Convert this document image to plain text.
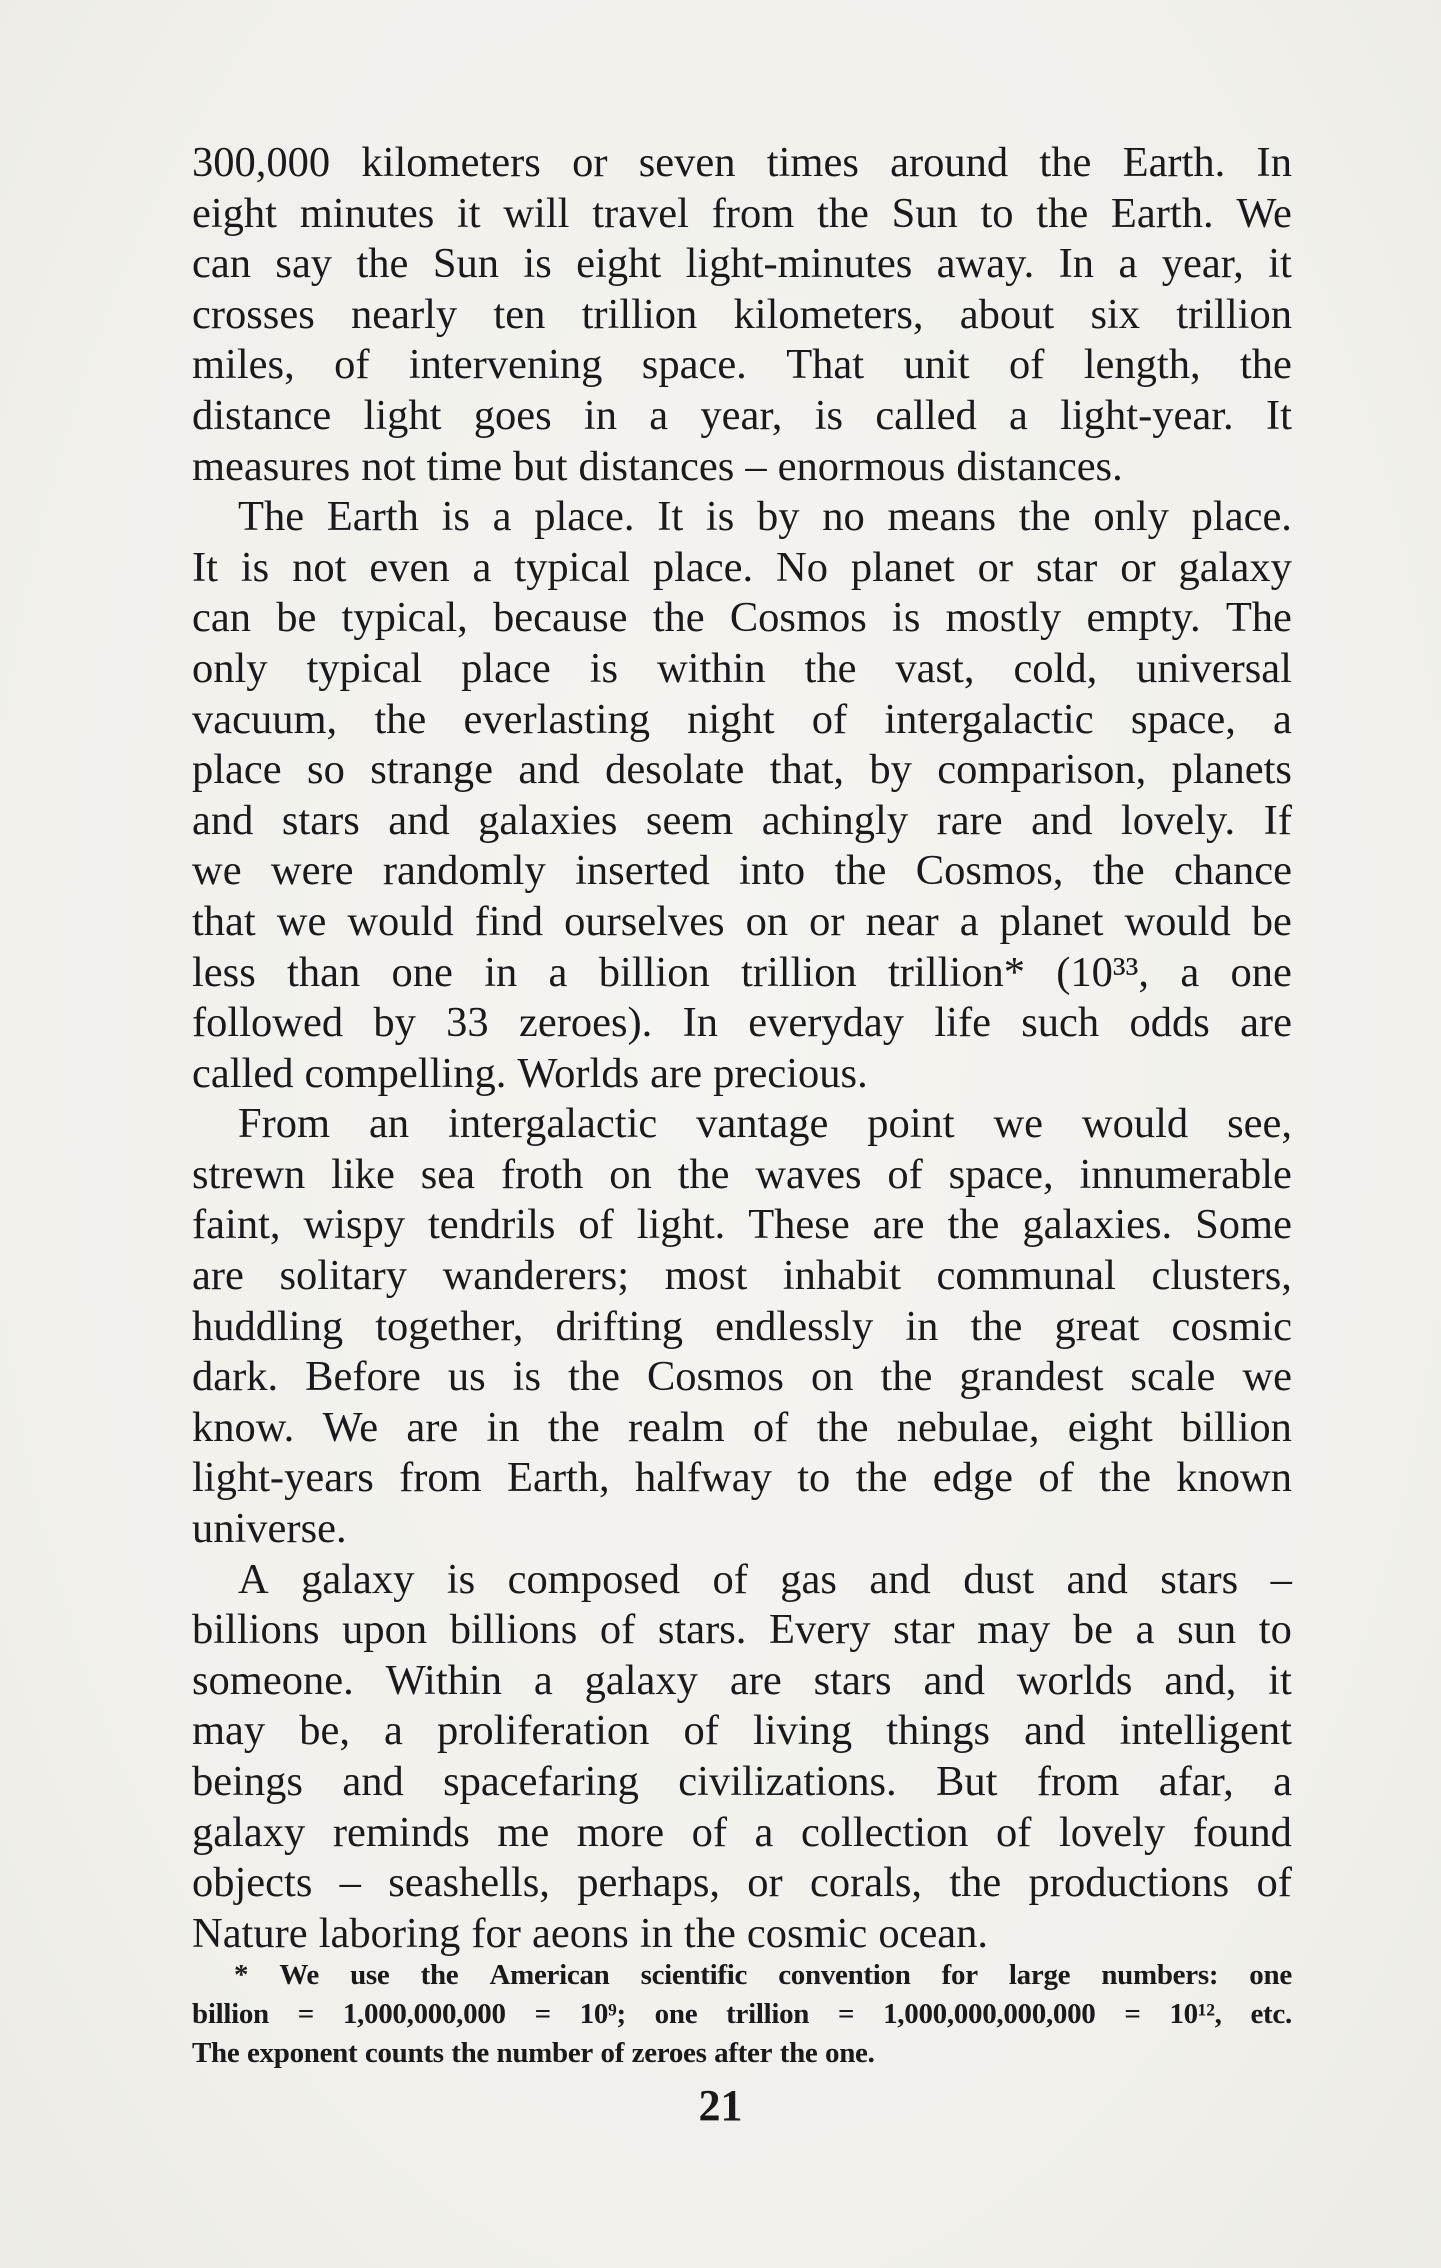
300,000 kilometers or seven times around the Earth. In
eight minutes it will travel from the Sun to the Earth. We
can say the Sun is eight light-minutes away. In a year, it
crosses nearly ten trillion kilometers, about six trillion
miles, of intervening space. That unit of length, the
distance light goes in a year, is called a light-year. It
measures not time but distances – enormous distances.
The Earth is a place. It is by no means the only place.
It is not even a typical place. No planet or star or galaxy
can be typical, because the Cosmos is mostly empty. The
only typical place is within the vast, cold, universal
vacuum, the everlasting night of intergalactic space, a
place so strange and desolate that, by comparison, planets
and stars and galaxies seem achingly rare and lovely. If
we were randomly inserted into the Cosmos, the chance
that we would find ourselves on or near a planet would be
less than one in a billion trillion trillion* (10³³, a one
followed by 33 zeroes). In everyday life such odds are
called compelling. Worlds are precious.
From an intergalactic vantage point we would see,
strewn like sea froth on the waves of space, innumerable
faint, wispy tendrils of light. These are the galaxies. Some
are solitary wanderers; most inhabit communal clusters,
huddling together, drifting endlessly in the great cosmic
dark. Before us is the Cosmos on the grandest scale we
know. We are in the realm of the nebulae, eight billion
light-years from Earth, halfway to the edge of the known
universe.
A galaxy is composed of gas and dust and stars –
billions upon billions of stars. Every star may be a sun to
someone. Within a galaxy are stars and worlds and, it
may be, a proliferation of living things and intelligent
beings and spacefaring civilizations. But from afar, a
galaxy reminds me more of a collection of lovely found
objects – seashells, perhaps, or corals, the productions of
Nature laboring for aeons in the cosmic ocean.
* We use the American scientific convention for large numbers: one
billion = 1,000,000,000 = 10⁹; one trillion = 1,000,000,000,000 = 10¹², etc.
The exponent counts the number of zeroes after the one.
21
